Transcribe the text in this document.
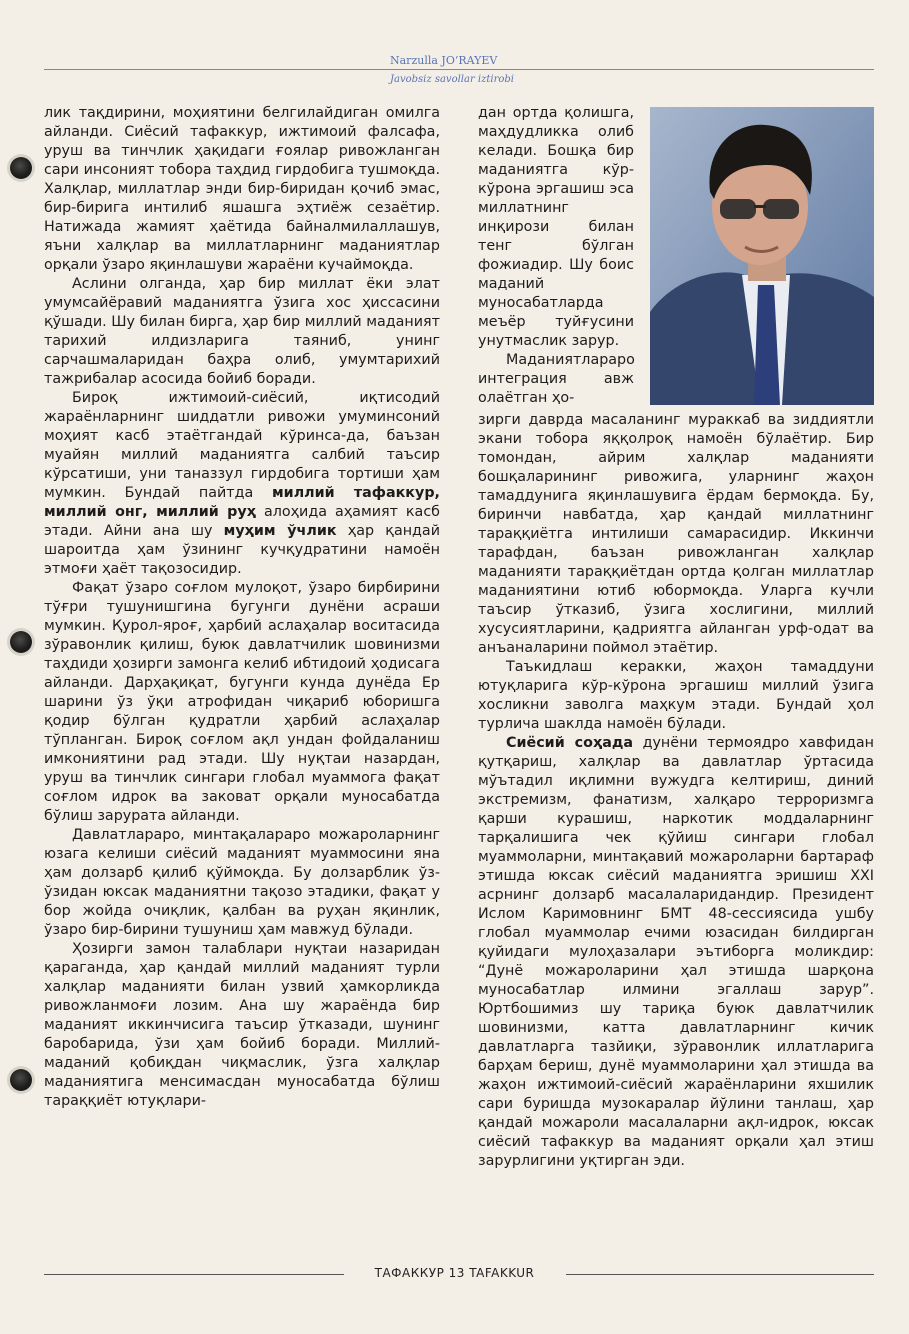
Narzulla JO‘RAYEV
Javobsiz savollar iztirobi

лик тақдирини, моҳиятини белгилайдиган омилга айланди. Сиёсий тафаккур, ижтимоий фалсафа, уруш ва тинчлик ҳақидаги ғоялар ривожланган сари инсоният тобора таҳдид гирдобига тушмоқда. Халқлар, миллатлар энди бир-биридан қочиб эмас, бир-бирига интилиб яшашга эҳтиёж сезаётир. Натижада жамият ҳаётида байналмилаллашув, яъни халқлар ва миллатларнинг маданиятлар орқали ўзаро яқинлашуви жараёни кучаймоқда.

Аслини олганда, ҳар бир миллат ёки элат умумсайёравий маданиятга ўзига хос ҳиссасини қўшади. Шу билан бирга, ҳар бир миллий маданият тарихий илдизларига таяниб, унинг сарчашмаларидан баҳра олиб, умумтарихий тажрибалар асосида бойиб боради.

Бироқ ижтимоий-сиёсий, иқтисодий жараёнларнинг шиддатли ривожи умуминсоний моҳият касб этаётгандай кўринса-да, баъзан муайян миллий маданиятга салбий таъсир кўрсатиши, уни таназзул гирдобига тортиши ҳам мумкин. Бундай пайтда миллий тафаккур, миллий онг, миллий руҳ алоҳида аҳамият касб этади. Айни ана шу муҳим ўчлик ҳар қандай шароитда ҳам ўзининг кучқудратини намоён этмоғи ҳаёт тақозосидир.

Фақат ўзаро соғлом мулоқот, ўзаро бирбирини тўғри тушунишгина бугунги дунёни асраши мумкин. Қурол-яроғ, ҳарбий аслаҳалар воситасида зўравонлик қилиш, буюк давлатчилик шовинизми таҳдиди ҳозирги замонга келиб ибтидоий ҳодисага айланди. Дарҳақиқат, бугунги кунда дунёда Ер шарини ўз ўқи атрофидан чиқариб юборишга қодир бўлган қудратли ҳарбий аслаҳалар тўпланган. Бироқ соғлом ақл ундан фойдаланиш имкониятини рад этади. Шу нуқтаи назардан, уруш ва тинчлик сингари глобал муаммога фақат соғлом идрок ва заковат орқали муносабатда бўлиш зарурата айланди.

Давлатлараро, минтақалараро можароларнинг юзага келиши сиёсий маданият муаммосини яна ҳам долзарб қилиб қўймоқда. Бу долзарблик ўз-ўзидан юксак маданиятни тақозо этадики, фақат у бор жойда очиқлик, қалбан ва руҳан яқинлик, ўзаро бир-бирини тушуниш ҳам мавжуд бўлади.

Ҳозирги замон талаблари нуқтаи назаридан қараганда, ҳар қандай миллий маданият турли халқлар маданияти билан узвий ҳамкорликда ривожланмоғи лозим. Ана шу жараёнда бир маданият иккинчисига таъсир ўтказади, шунинг баробарида, ўзи ҳам бойиб боради. Миллий-маданий қобиқдан чиқмаслик, ўзга халқлар маданиятига менсимасдан муносабатда бўлиш тараққиёт ютуқлари-

дан ортда қолишга, маҳдудликка олиб келади. Бошқа бир маданиятга кўр-кўрона эргашиш эса миллатнинг инқирози билан тенг бўлган фожиадир. Шу боис маданий муносабатларда меъёр туйғусини унутмаслик зарур.

Маданиятлараро интеграция авж олаётган ҳо-

зирги даврда масаланинг мураккаб ва зиддиятли экани тобора яққолроқ намоён бўлаётир. Бир томондан, айрим халқлар маданияти бошқаларининг ривожига, уларнинг жаҳон тамаддунига яқинлашувига ёрдам бермоқда. Бу, биринчи навбатда, ҳар қандай миллатнинг тараққиётга интилиши самарасидир. Иккинчи тарафдан, баъзан ривожланган халқлар маданияти тараққиётдан ортда қолган миллатлар маданиятини ютиб юбормоқда. Уларга кучли таъсир ўтказиб, ўзига хослигини, миллий хусусиятларини, қадриятга айланган урф-одат ва анъаналарини поймол этаётир.

Таъкидлаш керакки, жаҳон тамаддуни ютуқларига кўр-кўрона эргашиш миллий ўзига хосликни заволга маҳкум этади. Бундай ҳол турлича шаклда намоён бўлади.

Сиёсий соҳада дунёни термоядро хавфидан қутқариш, халқлар ва давлатлар ўртасида мўътадил иқлимни вужудга келтириш, диний экстремизм, фанатизм, халқаро терроризмга қарши курашиш, наркотик моддаларнинг тарқалишига чек қўйиш сингари глобал муаммоларни, минтақавий можароларни бартараф этишда юксак сиёсий маданиятга эришиш XXI асрнинг долзарб масалаларидандир. Президент Ислом Каримовнинг БМТ 48-сессиясида ушбу глобал муаммолар ечими юзасидан билдирган қуйидаги мулоҳазалари эътиборга моликдир: “Дунё можароларини ҳал этишда шарқона муносабатлар илмини эгаллаш зарур”. Юртбошимиз шу тариқа буюк давлатчилик шовинизми, катта давлатларнинг кичик давлатларга тазйиқи, зўравонлик иллатларига барҳам бериш, дунё муаммоларини ҳал этишда ва жаҳон ижтимоий-сиёсий жараёнларини яхшилик сари буришда музокаралар йўлини танлаш, ҳар қандай можароли масалаларни ақл-идрок, юксак сиёсий тафаккур ва маданият орқали ҳал этиш зарурлигини уқтирган эди.

ТАФАККУР 13 TAFAKKUR
